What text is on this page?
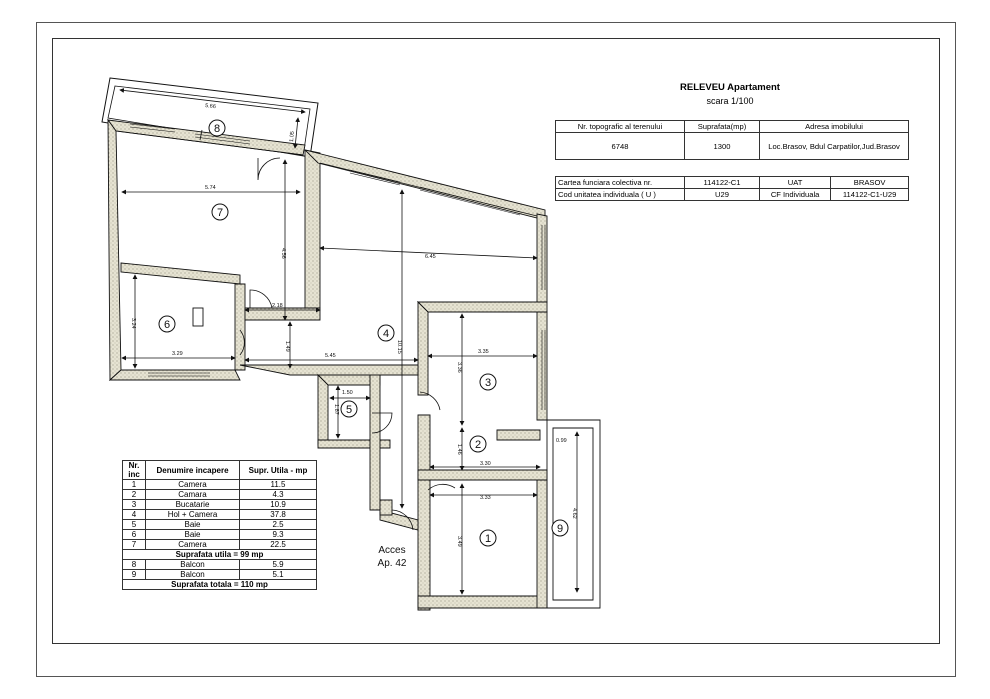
5.66
1.05
5.74
4.56	6.45
2.18
3.24
3.29
1.49
5.45
10.15	3.35
3.36
1.50
1.87
1.46
3.30
3.33
3.49
0.99
4.62
1
2
3
4
5
6
7
8
9
Acces
Ap. 42
RELEVEU Apartament
scara 1/100
Nr. topografic al terenului	Suprafata(mp)	Adresa imobilului
6748	1300	Loc.Brasov, Bdul Carpatilor,Jud.Brasov
Cartea funciara colectiva nr.	114122-C1	UAT	BRASOV
Cod unitatea individuala ( U )	U29	CF Individuala	114122-C1-U29
Nr. inc	Denumire incapere	Supr. Utila - mp
1	Camera	11.5
2	Camara	4.3
3	Bucatarie	10.9
4	Hol + Camera	37.8
5	Baie	2.5
6	Baie	9.3
7	Camera	22.5
Suprafata utila = 99 mp		
8	Balcon	5.9
9	Balcon	5.1
Suprafata totala = 110 mp		
